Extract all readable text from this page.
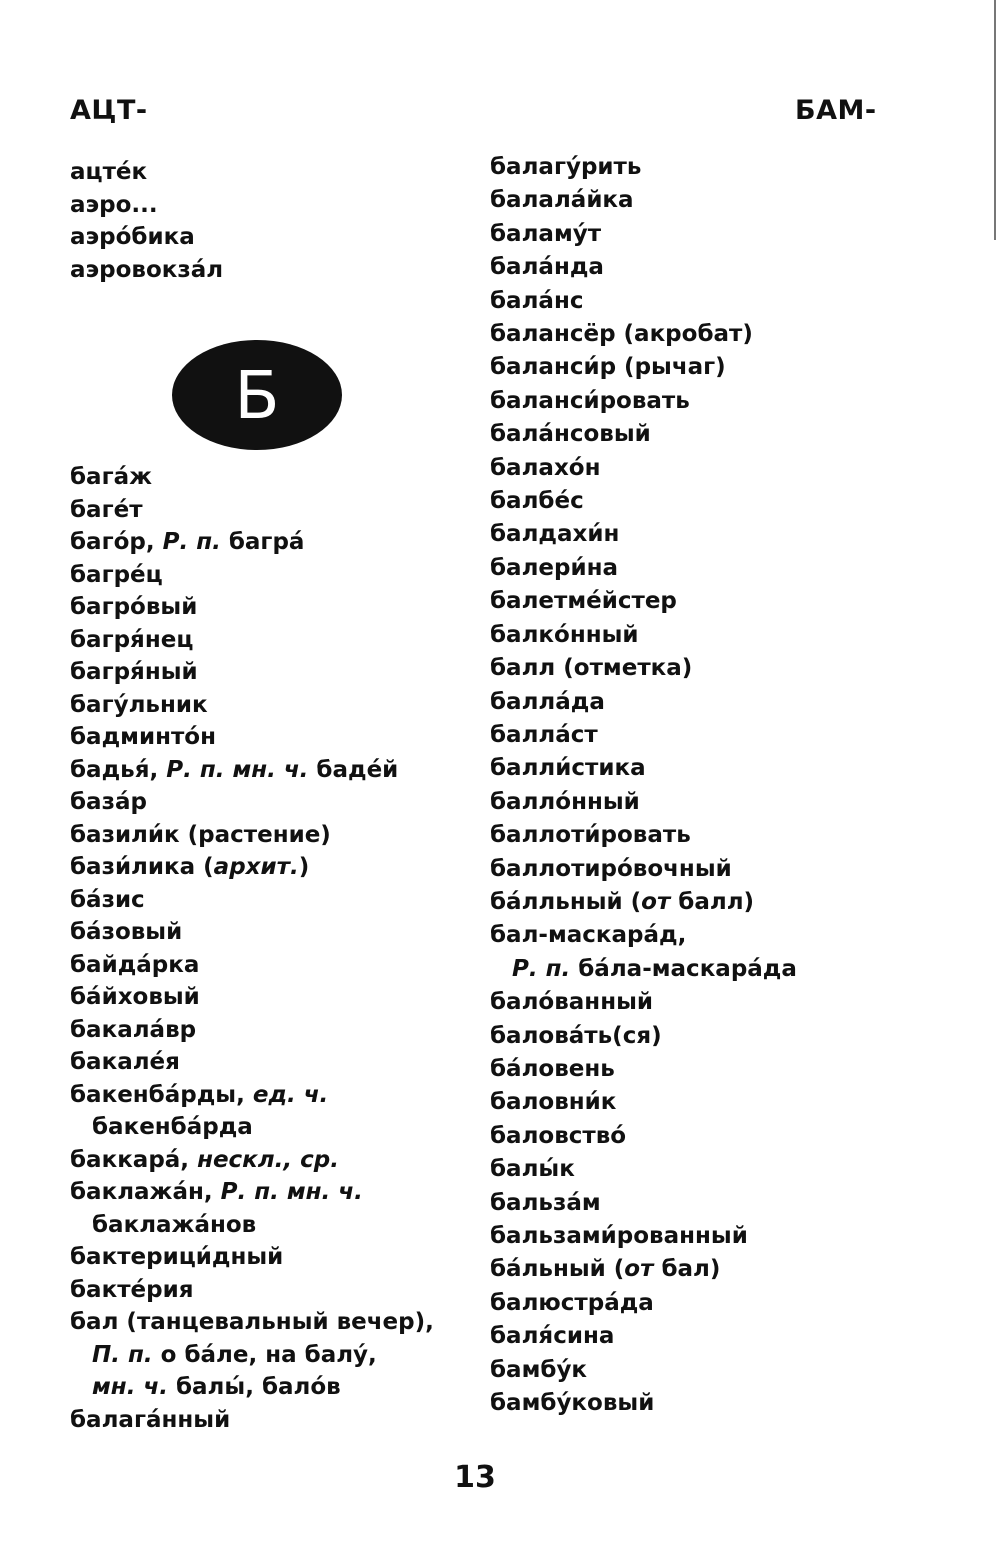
АЦТ-	БАМ-
ацте́к
аэро...
аэро́бика
аэровокза́л
Б
бага́ж
баге́т
баго́р, Р. п. багра́
багре́ц
багро́вый
багря́нец
багря́ный
багу́льник
бадминто́н
бадья́, Р. п. мн. ч. баде́й
база́р
базили́к (растение)
бази́лика (архит.)
ба́зис
ба́зовый
байда́рка
ба́йховый
бакала́вр
бакале́я
бакенба́рды, ед. ч.
бакенба́рда
баккара́, нескл., ср.
баклажа́н, Р. п. мн. ч.
баклажа́нов
бактерици́дный
бакте́рия
бал (танцевальный вечер),
П. п. о ба́ле, на балу́,
мн. ч. балы́, бало́в
балага́нный
балагу́рить
балала́йка
баламу́т
бала́нда
бала́нс
балансёр (акробат)
баланси́р (рычаг)
баланси́ровать
бала́нсовый
балахо́н
балбе́с
балдахи́н
балери́на
балетме́йстер
балко́нный
балл (отметка)
балла́да
балла́ст
балли́стика
балло́нный
баллоти́ровать
баллотиро́вочный
ба́лльный (от балл)
бал-маскара́д,
Р. п. ба́ла-маскара́да
бало́ванный
балова́ть(ся)
ба́ловень
баловни́к
баловство́
балы́к
бальза́м
бальзами́рованный
ба́льный (от бал)
балюстра́да
баля́сина
бамбу́к
бамбу́ковый
13
